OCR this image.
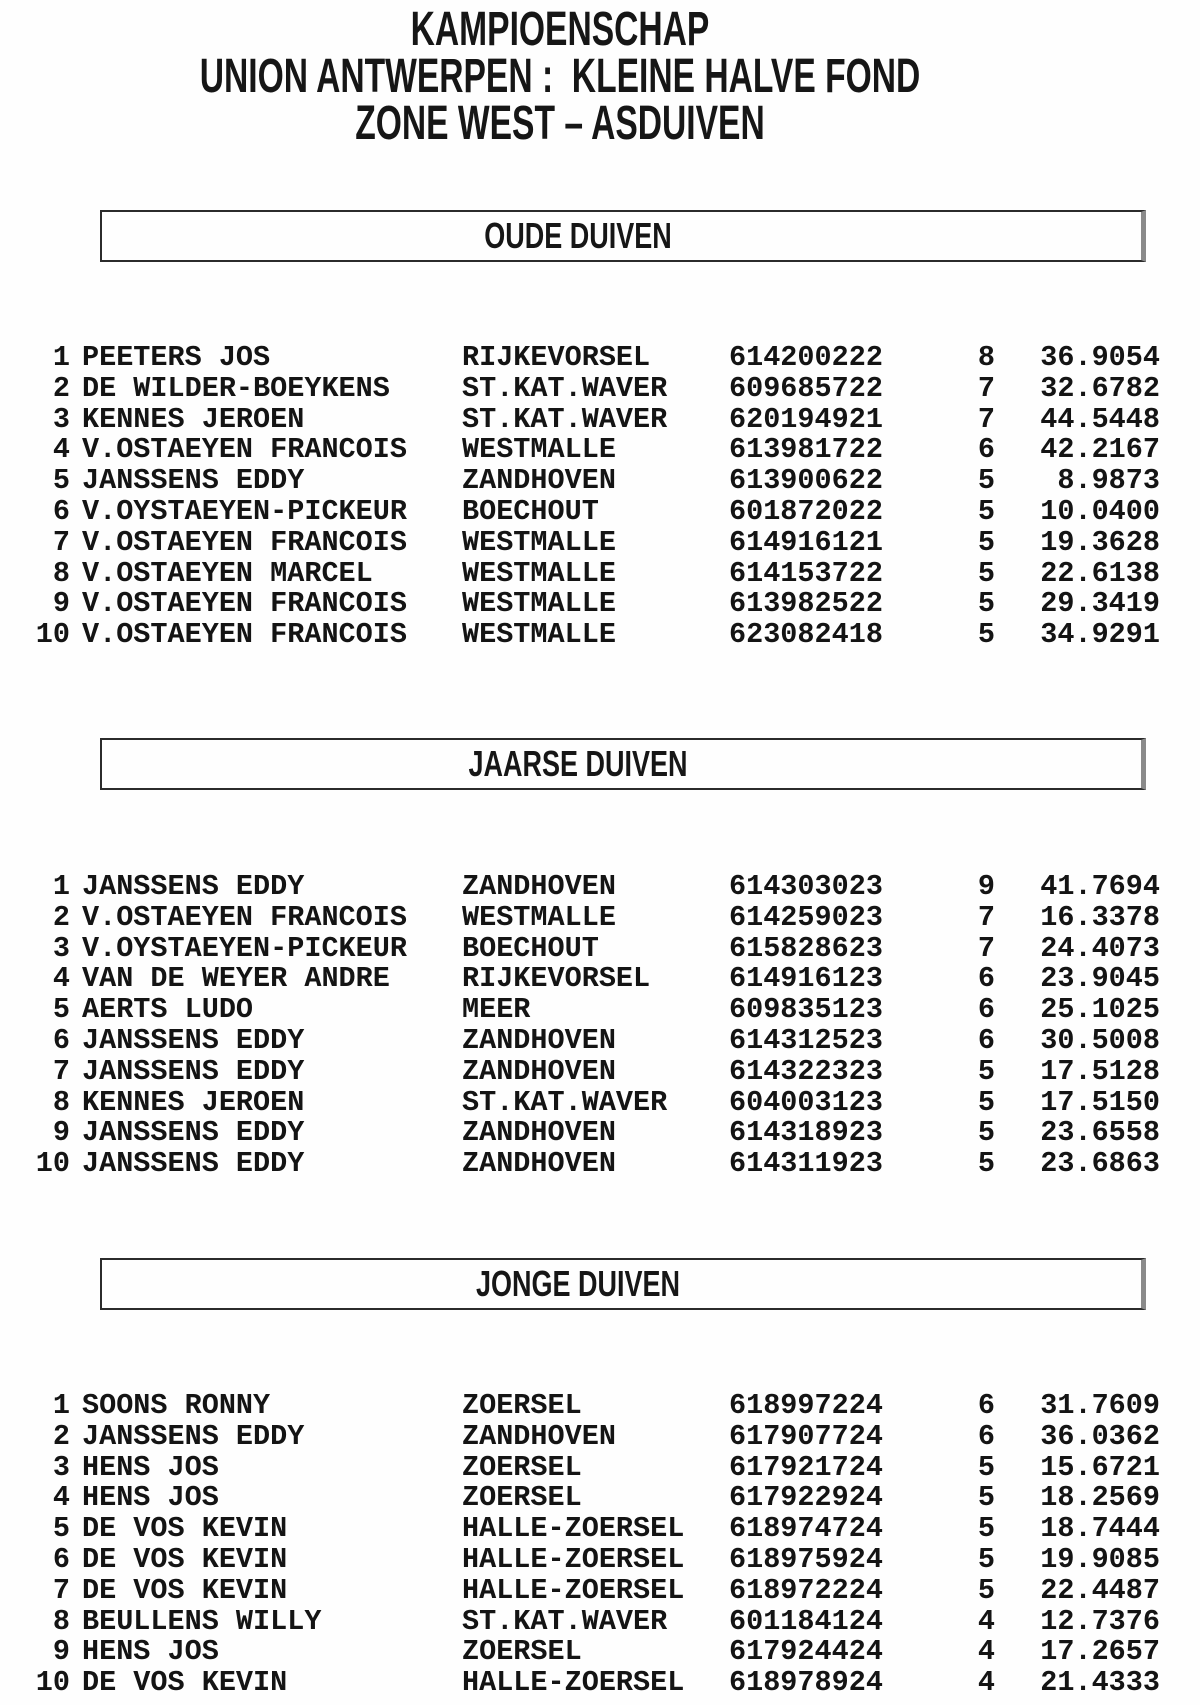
KAMPIOENSCHAP
UNION ANTWERPEN :  KLEINE HALVE FOND
ZONE WEST – ASDUIVEN
OUDE DUIVEN
1 PEETERS JOS	RIJKEVORSEL	614200222	8	36.9054
2 DE WILDER-BOEYKENS	ST.KAT.WAVER	609685722	7	32.6782
3 KENNES JEROEN	ST.KAT.WAVER	620194921	7	44.5448
4 V.OSTAEYEN FRANCOIS	WESTMALLE	613981722	6	42.2167
5 JANSSENS EDDY	ZANDHOVEN	613900622	5	8.9873
6 V.OYSTAEYEN-PICKEUR	BOECHOUT	601872022	5	10.0400
7 V.OSTAEYEN FRANCOIS	WESTMALLE	614916121	5	19.3628
8 V.OSTAEYEN MARCEL	WESTMALLE	614153722	5	22.6138
9 V.OSTAEYEN FRANCOIS	WESTMALLE	613982522	5	29.3419
10 V.OSTAEYEN FRANCOIS	WESTMALLE	623082418	5	34.9291
JAARSE DUIVEN
1 JANSSENS EDDY	ZANDHOVEN	614303023	9	41.7694
2 V.OSTAEYEN FRANCOIS	WESTMALLE	614259023	7	16.3378
3 V.OYSTAEYEN-PICKEUR	BOECHOUT	615828623	7	24.4073
4 VAN DE WEYER ANDRE	RIJKEVORSEL	614916123	6	23.9045
5 AERTS LUDO	MEER	609835123	6	25.1025
6 JANSSENS EDDY	ZANDHOVEN	614312523	6	30.5008
7 JANSSENS EDDY	ZANDHOVEN	614322323	5	17.5128
8 KENNES JEROEN	ST.KAT.WAVER	604003123	5	17.5150
9 JANSSENS EDDY	ZANDHOVEN	614318923	5	23.6558
10 JANSSENS EDDY	ZANDHOVEN	614311923	5	23.6863
JONGE DUIVEN
1 SOONS RONNY	ZOERSEL	618997224	6	31.7609
2 JANSSENS EDDY	ZANDHOVEN	617907724	6	36.0362
3 HENS JOS	ZOERSEL	617921724	5	15.6721
4 HENS JOS	ZOERSEL	617922924	5	18.2569
5 DE VOS KEVIN	HALLE-ZOERSEL	618974724	5	18.7444
6 DE VOS KEVIN	HALLE-ZOERSEL	618975924	5	19.9085
7 DE VOS KEVIN	HALLE-ZOERSEL	618972224	5	22.4487
8 BEULLENS WILLY	ST.KAT.WAVER	601184124	4	12.7376
9 HENS JOS	ZOERSEL	617924424	4	17.2657
10 DE VOS KEVIN	HALLE-ZOERSEL	618978924	4	21.4333
